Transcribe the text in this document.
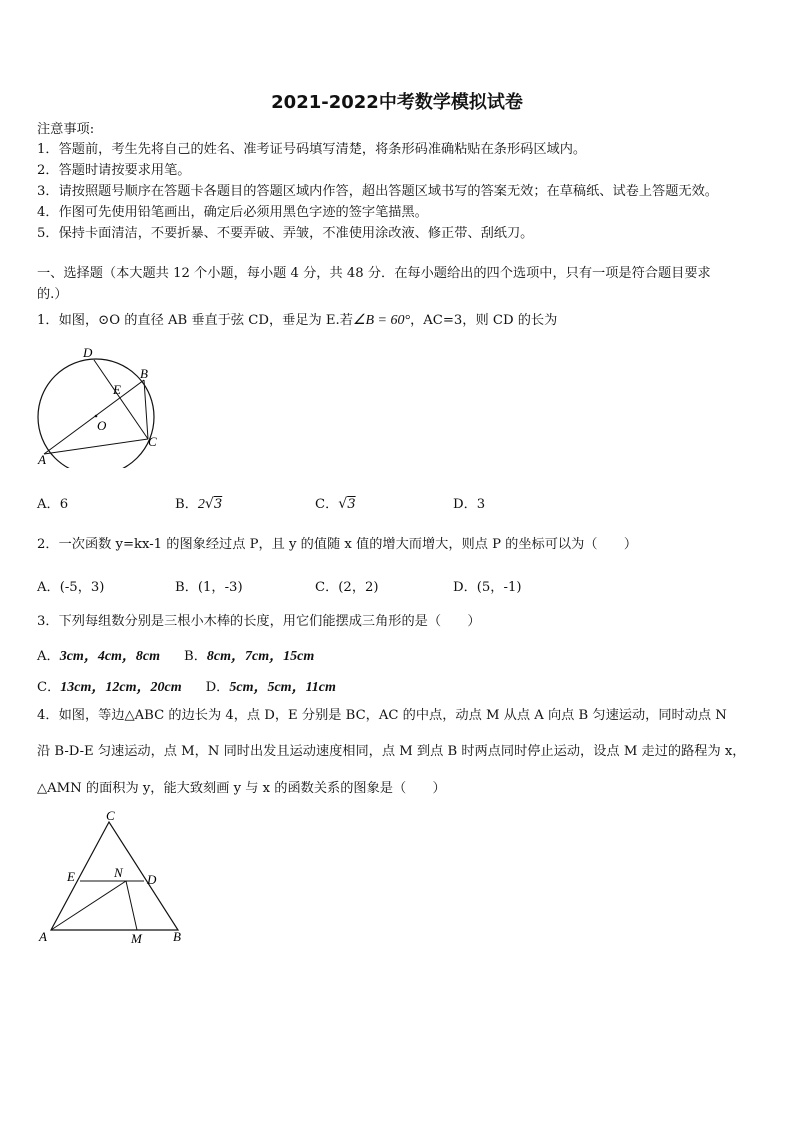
2021-2022中考数学模拟试卷
注意事项:
1．答题前，考生先将自己的姓名、准考证号码填写清楚，将条形码准确粘贴在条形码区域内。
2．答题时请按要求用笔。
3．请按照题号顺序在答题卡各题目的答题区域内作答，超出答题区域书写的答案无效；在草稿纸、试卷上答题无效。
4．作图可先使用铅笔画出，确定后必须用黑色字迹的签字笔描黑。
5．保持卡面清洁，不要折暴、不要弄破、弄皱，不准使用涂改液、修正带、刮纸刀。
一、选择题（本大题共 12 个小题，每小题 4 分，共 48 分．在每小题给出的四个选项中，只有一项是符合题目要求
的.）
1．如图，⊙O 的直径 AB 垂直于弦 CD，垂足为 E.若∠B = 60°，AC=3，则 CD 的长为
D
B
E
O
C
A
A．6	B．2√3	C．√3	D．3
2．一次函数 y=kx-1 的图象经过点 P，且 y 的值随 x 值的增大而增大，则点 P 的坐标可以为（　　）
A．(-5，3)	B．(1，-3)	C．(2，2)	D．(5，-1)
3．下列每组数分别是三根小木棒的长度，用它们能摆成三角形的是（　　）
A．3cm，4cm，8cm B．8cm，7cm，15cm
C．13cm，12cm，20cm D．5cm，5cm，11cm
4．如图，等边△ABC 的边长为 4，点 D，E 分别是 BC，AC 的中点，动点 M 从点 A 向点 B 匀速运动，同时动点 N
沿 B-D-E 匀速运动，点 M，N 同时出发且运动速度相同，点 M 到点 B 时两点同时停止运动，设点 M 走过的路程为 x，
△AMN 的面积为 y，能大致刻画 y 与 x 的函数关系的图象是（　　）
C
E	N D
A	M B
